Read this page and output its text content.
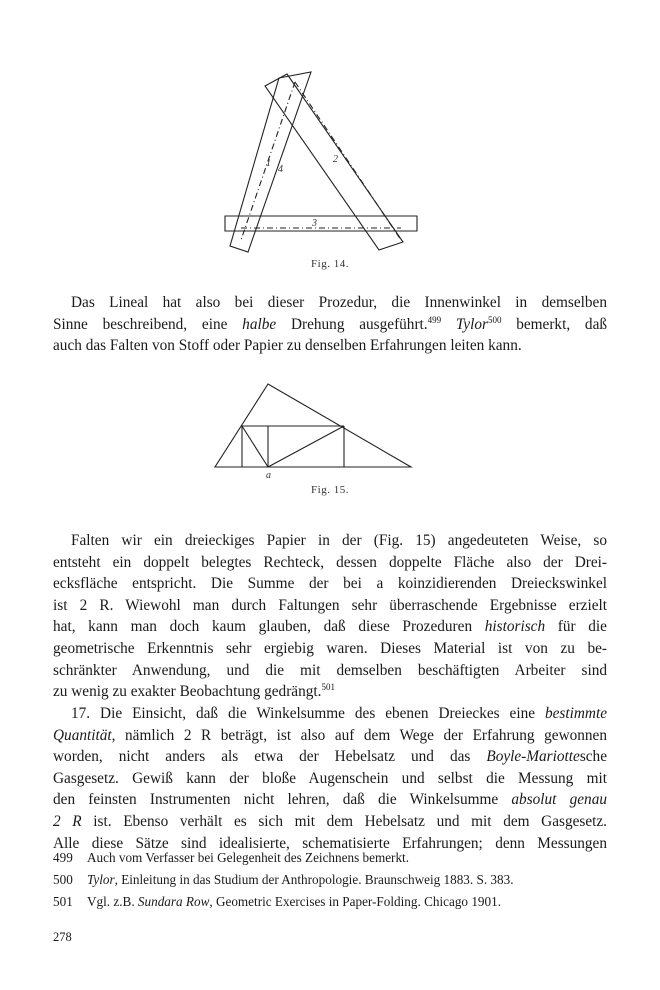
1
4
2
3
Fig. 14.
Das Lineal hat also bei dieser Prozedur, die Innenwinkel in demselben
Sinne beschreibend, eine halbe Drehung ausgeführt.$^{499}$ Tylor$^{500}$ bemerkt, daß
auch das Falten von Stoff oder Papier zu denselben Erfahrungen leiten kann.
a
Fig. 15.
Falten wir ein dreieckiges Papier in der (Fig. 15) angedeuteten Weise, so
entsteht ein doppelt belegtes Rechteck, dessen doppelte Fläche also der Drei-
ecksfläche entspricht. Die Summe der bei a koinzidierenden Dreieckswinkel
ist 2 R. Wiewohl man durch Faltungen sehr überraschende Ergebnisse erzielt
hat, kann man doch kaum glauben, daß diese Prozeduren historisch für die
geometrische Erkenntnis sehr ergiebig waren. Dieses Material ist von zu be-
schränkter Anwendung, und die mit demselben beschäftigten Arbeiter sind
zu wenig zu exakter Beobachtung gedrängt.$^{501}$
17. Die Einsicht, daß die Winkelsumme des ebenen Dreieckes eine bestimmte
Quantität, nämlich 2 R beträgt, ist also auf dem Wege der Erfahrung gewonnen
worden, nicht anders als etwa der Hebelsatz und das Boyle-Mariottesche
Gasgesetz. Gewiß kann der bloße Augenschein und selbst die Messung mit
den feinsten Instrumenten nicht lehren, daß die Winkelsumme absolut genau
2 R ist. Ebenso verhält es sich mit dem Hebelsatz und mit dem Gasgesetz.
Alle diese Sätze sind idealisierte, schematisierte Erfahrungen; denn Messungen
499	Auch vom Verfasser bei Gelegenheit des Zeichnens bemerkt.
500	Tylor, Einleitung in das Studium der Anthropologie. Braunschweig 1883. S. 383.
501	Vgl. z.B. Sundara Row, Geometric Exercises in Paper-Folding. Chicago 1901.
278
